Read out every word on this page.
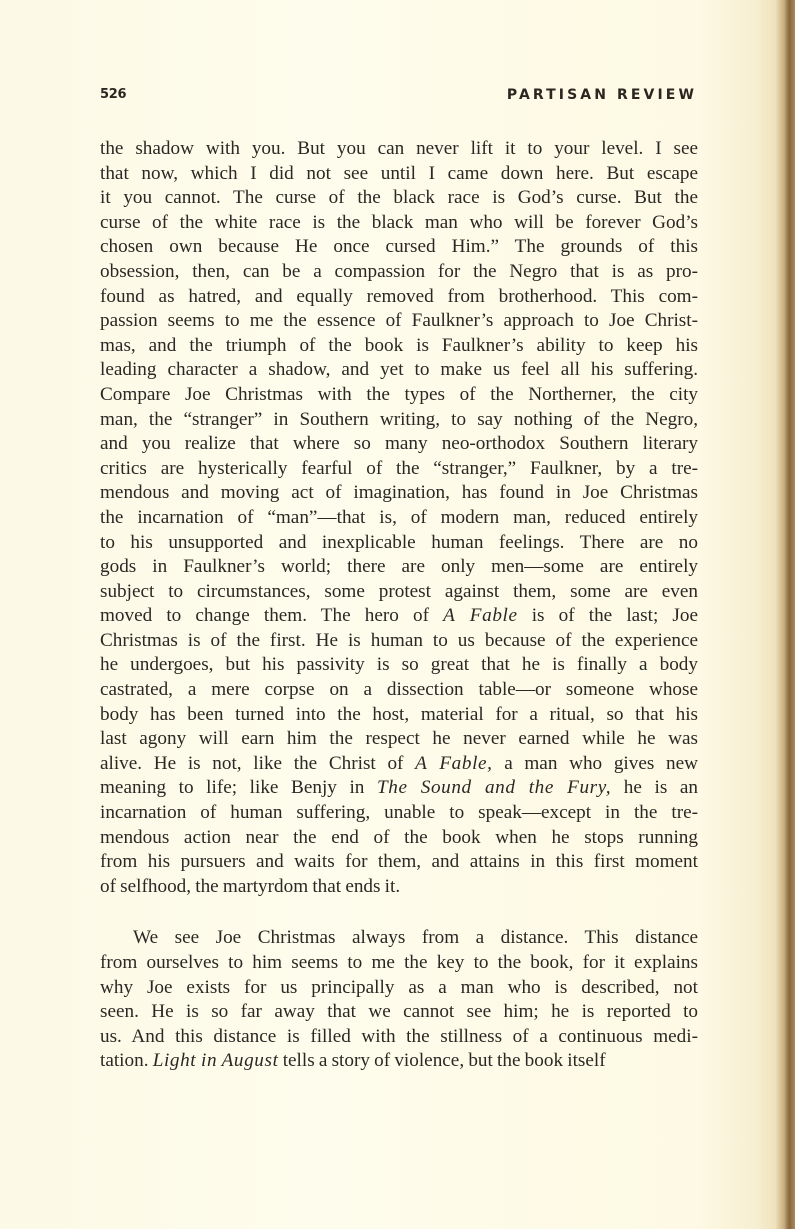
526	PARTISAN REVIEW
the shadow with you. But you can never lift it to your level. I see
that now, which I did not see until I came down here. But escape
it you cannot. The curse of the black race is God’s curse. But the
curse of the white race is the black man who will be forever God’s
chosen own because He once cursed Him.” The grounds of this
obsession, then, can be a compassion for the Negro that is as pro-
found as hatred, and equally removed from brotherhood. This com-
passion seems to me the essence of Faulkner’s approach to Joe Christ-
mas, and the triumph of the book is Faulkner’s ability to keep his
leading character a shadow, and yet to make us feel all his suffering.
Compare Joe Christmas with the types of the Northerner, the city
man, the “stranger” in Southern writing, to say nothing of the Negro,
and you realize that where so many neo-orthodox Southern literary
critics are hysterically fearful of the “stranger,” Faulkner, by a tre-
mendous and moving act of imagination, has found in Joe Christmas
the incarnation of “man”—that is, of modern man, reduced entirely
to his unsupported and inexplicable human feelings. There are no
gods in Faulkner’s world; there are only men—some are entirely
subject to circumstances, some protest against them, some are even
moved to change them. The hero of A Fable is of the last; Joe
Christmas is of the first. He is human to us because of the experience
he undergoes, but his passivity is so great that he is finally a body
castrated, a mere corpse on a dissection table—or someone whose
body has been turned into the host, material for a ritual, so that his
last agony will earn him the respect he never earned while he was
alive. He is not, like the Christ of A Fable, a man who gives new
meaning to life; like Benjy in The Sound and the Fury, he is an
incarnation of human suffering, unable to speak—except in the tre-
mendous action near the end of the book when he stops running
from his pursuers and waits for them, and attains in this first moment
of selfhood, the martyrdom that ends it.
We see Joe Christmas always from a distance. This distance
from ourselves to him seems to me the key to the book, for it explains
why Joe exists for us principally as a man who is described, not
seen. He is so far away that we cannot see him; he is reported to
us. And this distance is filled with the stillness of a continuous medi-
tation. Light in August tells a story of violence, but the book itself
